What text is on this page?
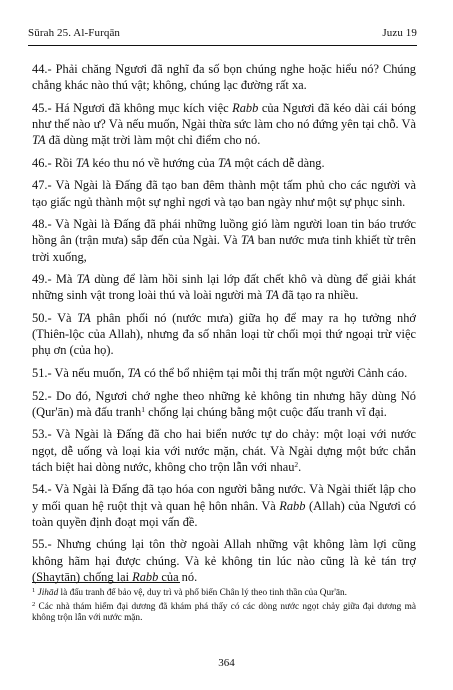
Sūrah 25. Al-Furqān	Juzu 19

44.- Phải chăng Ngươi đã nghĩ đa số bọn chúng nghe hoặc hiểu nó? Chúng chẳng khác nào thú vật; không, chúng lạc đường rất xa.

45.- Há Ngươi đã không mục kích việc Rabb của Ngươi đã kéo dài cái bóng như thế nào ư? Và nếu muốn, Ngài thừa sức làm cho nó đứng yên tại chỗ. Và TA đã dùng mặt trời làm một chỉ điểm cho nó.

46.- Rồi TA kéo thu nó về hướng của TA một cách dễ dàng.

47.- Và Ngài là Đấng đã tạo ban đêm thành một tấm phủ cho các người và tạo giấc ngủ thành một sự nghỉ ngơi và tạo ban ngày như một sự phục sinh.

48.- Và Ngài là Đấng đã phái những luồng gió làm người loan tin báo trước hồng ân (trận mưa) sắp đến của Ngài. Và TA ban nước mưa tinh khiết từ trên trời xuống,

49.- Mà TA dùng để làm hồi sinh lại lớp đất chết khô và dùng để giải khát những sinh vật trong loài thú và loài người mà TA đã tạo ra nhiều.

50.- Và TA phân phối nó (nước mưa) giữa họ để may ra họ tưởng nhớ (Thiên-lộc của Allah), nhưng đa số nhân loại từ chối mọi thứ ngoại trừ việc phụ ơn (của họ).

51.- Và nếu muốn, TA có thể bổ nhiệm tại mỗi thị trấn một người Cảnh cáo.

52.- Do đó, Ngươi chớ nghe theo những kẻ không tin nhưng hãy dùng Nó (Qur'ān) mà đấu tranh$^1$ chống lại chúng bằng một cuộc đấu tranh vĩ đại.

53.- Và Ngài là Đấng đã cho hai biển nước tự do chảy: một loại với nước ngọt, dễ uống và loại kia với nước mặn, chát. Và Ngài dựng một bức chắn tách biệt hai dòng nước, không cho trộn lẫn với nhau$^2$.

54.- Và Ngài là Đấng đã tạo hóa con người bằng nước. Và Ngài thiết lập cho y mối quan hệ ruột thịt và quan hệ hôn nhân. Và Rabb (Allah) của Ngươi có toàn quyền định đoạt mọi vấn đề.

55.- Nhưng chúng lại tôn thờ ngoài Allah những vật không làm lợi cũng không hãm hại được chúng. Và kẻ không tin lúc nào cũng là kẻ tán trợ (Shaytān) chống lại Rabb của nó.

$^1$ Jihād là đấu tranh để bảo vệ, duy trì và phổ biến Chân lý theo tinh thần của Qur'ān.

$^2$ Các nhà thám hiểm đại dương đã khám phá thấy có các dòng nước ngọt chảy giữa đại dương mà không trộn lẫn với nước mặn.

364
